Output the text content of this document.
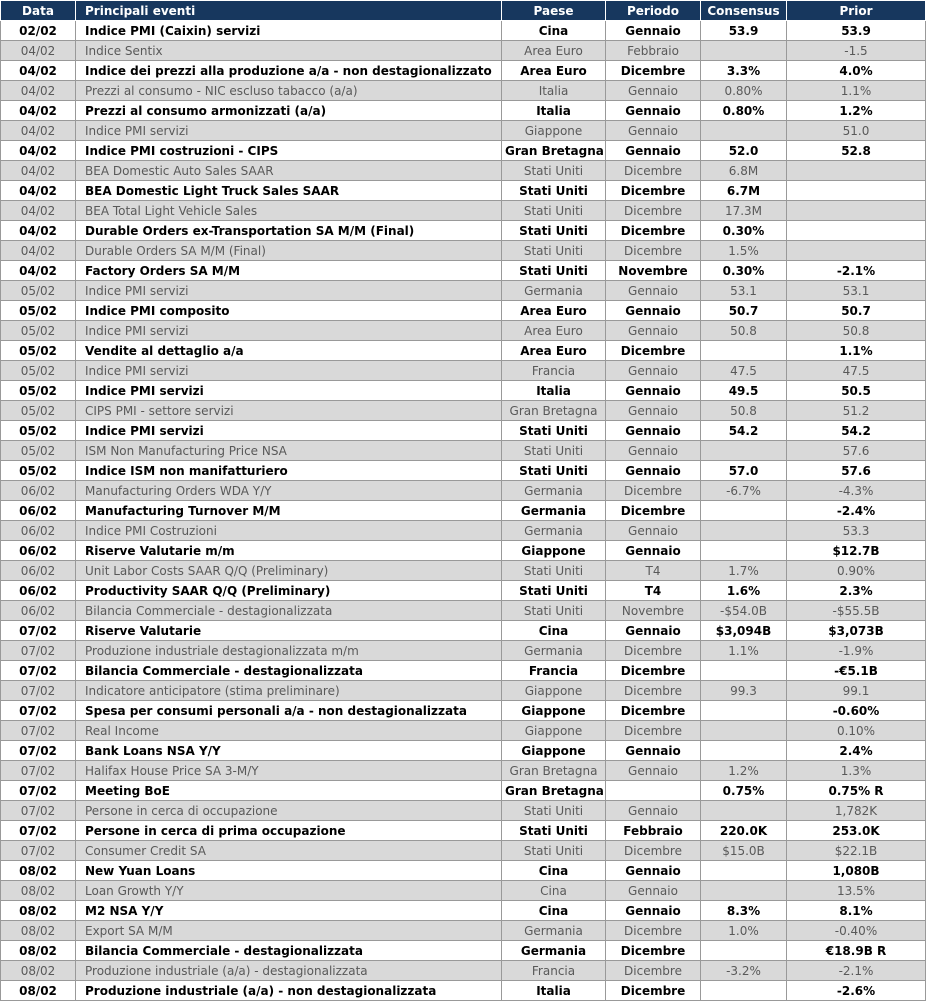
Data	Principali eventi	Paese	Periodo	Consensus	Prior
02/02	Indice PMI (Caixin) servizi	Cina	Gennaio	53.9	53.9
04/02	Indice Sentix	Area Euro	Febbraio		-1.5
04/02	Indice dei prezzi alla produzione a/a - non destagionalizzato	Area Euro	Dicembre	3.3%	4.0%
04/02	Prezzi al consumo - NIC escluso tabacco (a/a)	Italia	Gennaio	0.80%	1.1%
04/02	Prezzi al consumo armonizzati (a/a)	Italia	Gennaio	0.80%	1.2%
04/02	Indice PMI servizi	Giappone	Gennaio		51.0
04/02	Indice PMI costruzioni - CIPS	Gran Bretagna	Gennaio	52.0	52.8
04/02	BEA Domestic Auto Sales SAAR	Stati Uniti	Dicembre	6.8M	
04/02	BEA Domestic Light Truck Sales SAAR	Stati Uniti	Dicembre	6.7M	
04/02	BEA Total Light Vehicle Sales	Stati Uniti	Dicembre	17.3M	
04/02	Durable Orders ex-Transportation SA M/M (Final)	Stati Uniti	Dicembre	0.30%	
04/02	Durable Orders SA M/M (Final)	Stati Uniti	Dicembre	1.5%	
04/02	Factory Orders SA M/M	Stati Uniti	Novembre	0.30%	-2.1%
05/02	Indice PMI servizi	Germania	Gennaio	53.1	53.1
05/02	Indice PMI composito	Area Euro	Gennaio	50.7	50.7
05/02	Indice PMI servizi	Area Euro	Gennaio	50.8	50.8
05/02	Vendite al dettaglio a/a	Area Euro	Dicembre		1.1%
05/02	Indice PMI servizi	Francia	Gennaio	47.5	47.5
05/02	Indice PMI servizi	Italia	Gennaio	49.5	50.5
05/02	CIPS PMI - settore servizi	Gran Bretagna	Gennaio	50.8	51.2
05/02	Indice PMI servizi	Stati Uniti	Gennaio	54.2	54.2
05/02	ISM Non Manufacturing Price NSA	Stati Uniti	Gennaio		57.6
05/02	Indice ISM non manifatturiero	Stati Uniti	Gennaio	57.0	57.6
06/02	Manufacturing Orders WDA Y/Y	Germania	Dicembre	-6.7%	-4.3%
06/02	Manufacturing Turnover M/M	Germania	Dicembre		-2.4%
06/02	Indice PMI Costruzioni	Germania	Gennaio		53.3
06/02	Riserve Valutarie m/m	Giappone	Gennaio		$12.7B
06/02	Unit Labor Costs SAAR Q/Q (Preliminary)	Stati Uniti	T4	1.7%	0.90%
06/02	Productivity SAAR Q/Q (Preliminary)	Stati Uniti	T4	1.6%	2.3%
06/02	Bilancia Commerciale - destagionalizzata	Stati Uniti	Novembre	-$54.0B	-$55.5B
07/02	Riserve Valutarie	Cina	Gennaio	$3,094B	$3,073B
07/02	Produzione industriale destagionalizzata m/m	Germania	Dicembre	1.1%	-1.9%
07/02	Bilancia Commerciale - destagionalizzata	Francia	Dicembre		-€5.1B
07/02	Indicatore anticipatore (stima preliminare)	Giappone	Dicembre	99.3	99.1
07/02	Spesa per consumi personali a/a - non destagionalizzata	Giappone	Dicembre		-0.60%
07/02	Real Income	Giappone	Dicembre		0.10%
07/02	Bank Loans NSA Y/Y	Giappone	Gennaio		2.4%
07/02	Halifax House Price SA 3-M/Y	Gran Bretagna	Gennaio	1.2%	1.3%
07/02	Meeting BoE	Gran Bretagna		0.75%	0.75% R
07/02	Persone in cerca di occupazione	Stati Uniti	Gennaio		1,782K
07/02	Persone in cerca di prima occupazione	Stati Uniti	Febbraio	220.0K	253.0K
07/02	Consumer Credit SA	Stati Uniti	Dicembre	$15.0B	$22.1B
08/02	New Yuan Loans	Cina	Gennaio		1,080B
08/02	Loan Growth Y/Y	Cina	Gennaio		13.5%
08/02	M2 NSA Y/Y	Cina	Gennaio	8.3%	8.1%
08/02	Export SA M/M	Germania	Dicembre	1.0%	-0.40%
08/02	Bilancia Commerciale - destagionalizzata	Germania	Dicembre		€18.9B R
08/02	Produzione industriale (a/a) - destagionalizzata	Francia	Dicembre	-3.2%	-2.1%
08/02	Produzione industriale (a/a) - non destagionalizzata	Italia	Dicembre		-2.6%
